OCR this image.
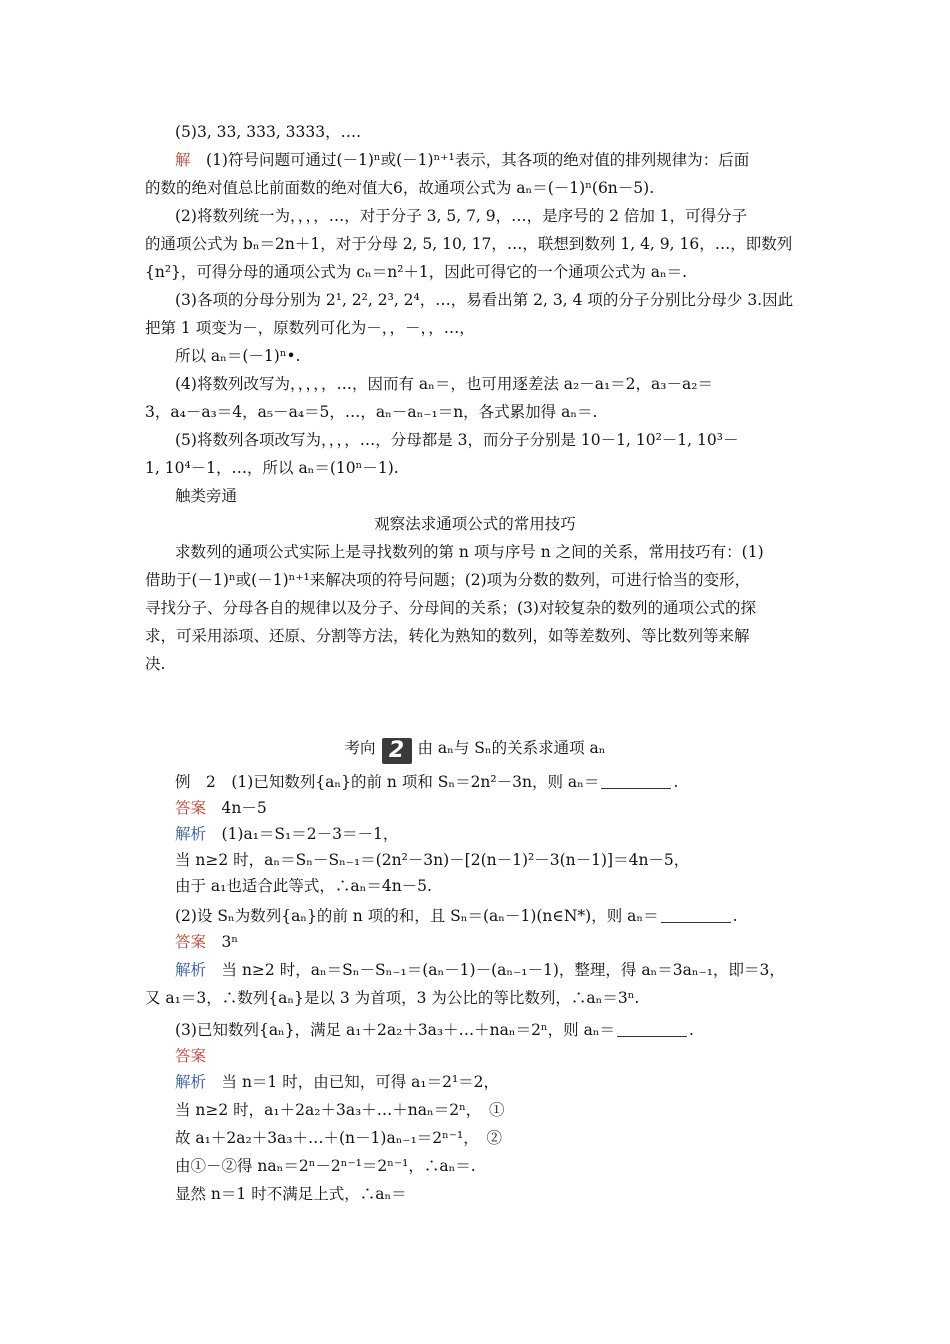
(5)3, 33, 333, 3333，….
解　(1)符号问题可通过(－1)ⁿ或(－1)ⁿ⁺¹表示，其各项的绝对值的排列规律为：后面
的数的绝对值总比前面数的绝对值大6，故通项公式为 aₙ＝(－1)ⁿ(6n－5).
(2)将数列统一为，，，，…，对于分子 3, 5, 7, 9，…，是序号的 2 倍加 1，可得分子
的通项公式为 bₙ＝2n＋1，对于分母 2, 5, 10, 17，…，联想到数列 1, 4, 9, 16，…，即数列
{n²}，可得分母的通项公式为 cₙ＝n²＋1，因此可得它的一个通项公式为 aₙ＝.
(3)各项的分母分别为 2¹, 2², 2³, 2⁴，…，易看出第 2, 3, 4 项的分子分别比分母少 3.因此
把第 1 项变为－，原数列可化为－，，－，，…，
所以 aₙ＝(－1)ⁿ•.
(4)将数列改写为，，，，，…，因而有 aₙ＝，也可用逐差法 a₂－a₁＝2，a₃－a₂＝
3，a₄－a₃＝4，a₅－a₄＝5，…，aₙ－aₙ₋₁＝n，各式累加得 aₙ＝.
(5)将数列各项改写为，，，，…，分母都是 3，而分子分别是 10－1, 10²－1, 10³－
1, 10⁴－1，…，所以 aₙ＝(10ⁿ－1).
触类旁通
观察法求通项公式的常用技巧
求数列的通项公式实际上是寻找数列的第 n 项与序号 n 之间的关系，常用技巧有：(1)
借助于(－1)ⁿ或(－1)ⁿ⁺¹来解决项的符号问题；(2)项为分数的数列，可进行恰当的变形，
寻找分子、分母各自的规律以及分子、分母间的关系；(3)对较复杂的数列的通项公式的探
求，可采用添项、还原、分割等方法，转化为熟知的数列，如等差数列、等比数列等来解
决.
考向 2 由 aₙ与 Sₙ的关系求通项 aₙ
例　2　(1)已知数列{aₙ}的前 n 项和 Sₙ＝2n²－3n，则 aₙ＝	.
答案　4n－5
解析　(1)a₁＝S₁＝2－3＝－1，
当 n≥2 时，aₙ＝Sₙ－Sₙ₋₁＝(2n²－3n)－[2(n－1)²－3(n－1)]＝4n－5，
由于 a₁也适合此等式，∴aₙ＝4n－5.
(2)设 Sₙ为数列{aₙ}的前 n 项的和，且 Sₙ＝(aₙ－1)(n∈N*)，则 aₙ＝	.
答案　3ⁿ
解析　当 n≥2 时，aₙ＝Sₙ－Sₙ₋₁＝(aₙ－1)－(aₙ₋₁－1)，整理，得 aₙ＝3aₙ₋₁，即＝3，
又 a₁＝3，∴数列{aₙ}是以 3 为首项，3 为公比的等比数列，∴aₙ＝3ⁿ.
(3)已知数列{aₙ}，满足 a₁＋2a₂＋3a₃＋…＋naₙ＝2ⁿ，则 aₙ＝	.
答案
解析　当 n＝1 时，由已知，可得 a₁＝2¹＝2，
当 n≥2 时，a₁＋2a₂＋3a₃＋…＋naₙ＝2ⁿ，　①
故 a₁＋2a₂＋3a₃＋…＋(n－1)aₙ₋₁＝2ⁿ⁻¹，　②
由①－②得 naₙ＝2ⁿ－2ⁿ⁻¹＝2ⁿ⁻¹，∴aₙ＝.
显然 n＝1 时不满足上式，∴aₙ＝
